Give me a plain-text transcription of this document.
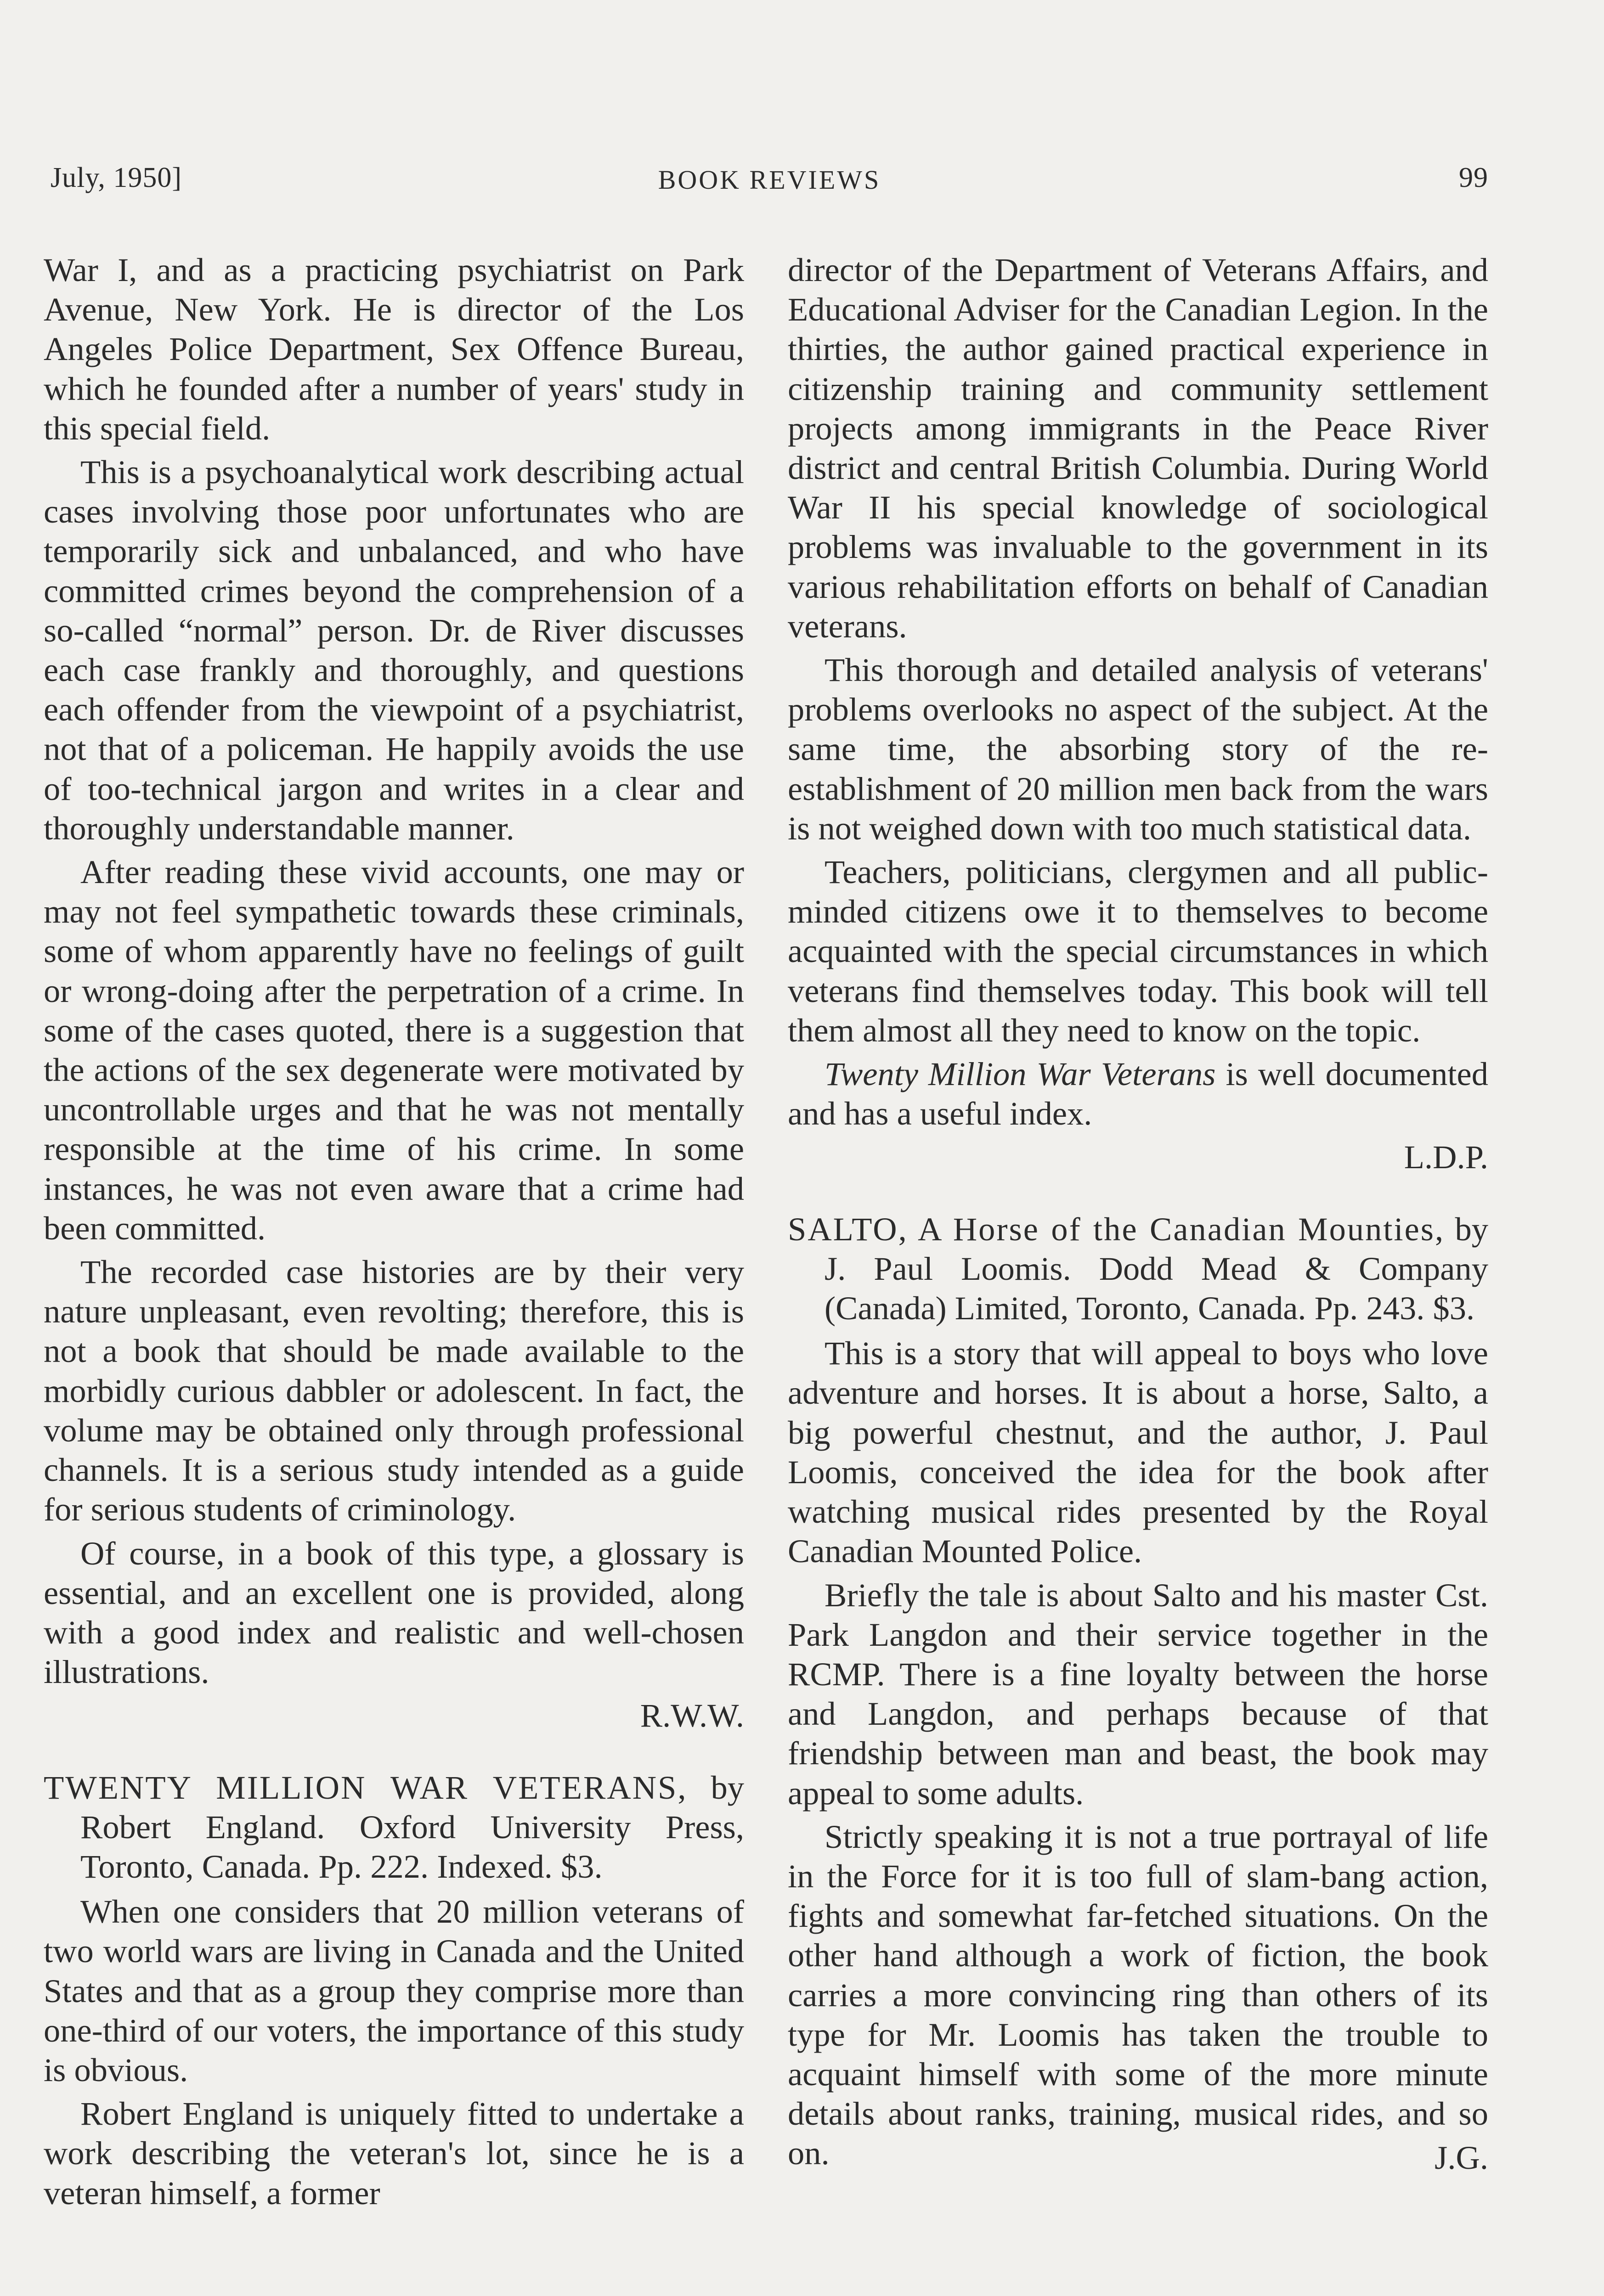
July, 1950]	BOOK REVIEWS	99

War I, and as a practicing psychiatrist on Park Avenue, New York. He is director of the Los Angeles Police Department, Sex Offence Bureau, which he founded after a number of years' study in this special field.

This is a psychoanalytical work describing actual cases involving those poor unfortunates who are temporarily sick and unbalanced, and who have committed crimes beyond the comprehension of a so-called “normal” person. Dr. de River discusses each case frankly and thoroughly, and questions each offender from the viewpoint of a psychiatrist, not that of a policeman. He happily avoids the use of too-technical jargon and writes in a clear and thoroughly understandable manner.

After reading these vivid accounts, one may or may not feel sympathetic towards these criminals, some of whom apparently have no feelings of guilt or wrong-doing after the perpetration of a crime. In some of the cases quoted, there is a suggestion that the actions of the sex degenerate were motivated by uncontrollable urges and that he was not mentally responsible at the time of his crime. In some instances, he was not even aware that a crime had been committed.

The recorded case histories are by their very nature unpleasant, even revolting; therefore, this is not a book that should be made available to the morbidly curious dabbler or adolescent. In fact, the volume may be obtained only through professional channels. It is a serious study intended as a guide for serious students of criminology.

Of course, in a book of this type, a glossary is essential, and an excellent one is provided, along with a good index and realistic and well-chosen illustrations.

R.W.W.
TWENTY MILLION WAR VETERANS, by Robert England. Oxford University Press, Toronto, Canada. Pp. 222. Indexed. $3.

When one considers that 20 million veterans of two world wars are living in Canada and the United States and that as a group they comprise more than one-third of our voters, the importance of this study is obvious.

Robert England is uniquely fitted to undertake a work describing the veteran's lot, since he is a veteran himself, a former

director of the Department of Veterans Affairs, and Educational Adviser for the Canadian Legion. In the thirties, the author gained practical experience in citizenship training and community settlement projects among immigrants in the Peace River district and central British Columbia. During World War II his special knowledge of sociological problems was invaluable to the government in its various rehabilitation efforts on behalf of Canadian veterans.

This thorough and detailed analysis of veterans' problems overlooks no aspect of the subject. At the same time, the absorbing story of the re-establishment of 20 million men back from the wars is not weighed down with too much statistical data.

Teachers, politicians, clergymen and all public-minded citizens owe it to themselves to become acquainted with the special circumstances in which veterans find themselves today. This book will tell them almost all they need to know on the topic.

Twenty Million War Veterans is well documented and has a useful index.

L.D.P.
SALTO, A Horse of the Canadian Mounties, by J. Paul Loomis. Dodd Mead & Company (Canada) Limited, Toronto, Canada. Pp. 243. $3.

This is a story that will appeal to boys who love adventure and horses. It is about a horse, Salto, a big powerful chestnut, and the author, J. Paul Loomis, conceived the idea for the book after watching musical rides presented by the Royal Canadian Mounted Police.

Briefly the tale is about Salto and his master Cst. Park Langdon and their service together in the RCMP. There is a fine loyalty between the horse and Langdon, and perhaps because of that friendship between man and beast, the book may appeal to some adults.

Strictly speaking it is not a true portrayal of life in the Force for it is too full of slam-bang action, fights and somewhat far-fetched situations. On the other hand although a work of fiction, the book carries a more convincing ring than others of its type for Mr. Loomis has taken the trouble to acquaint himself with some of the more minute details about ranks, training, musical rides, and so on.	J.G.
